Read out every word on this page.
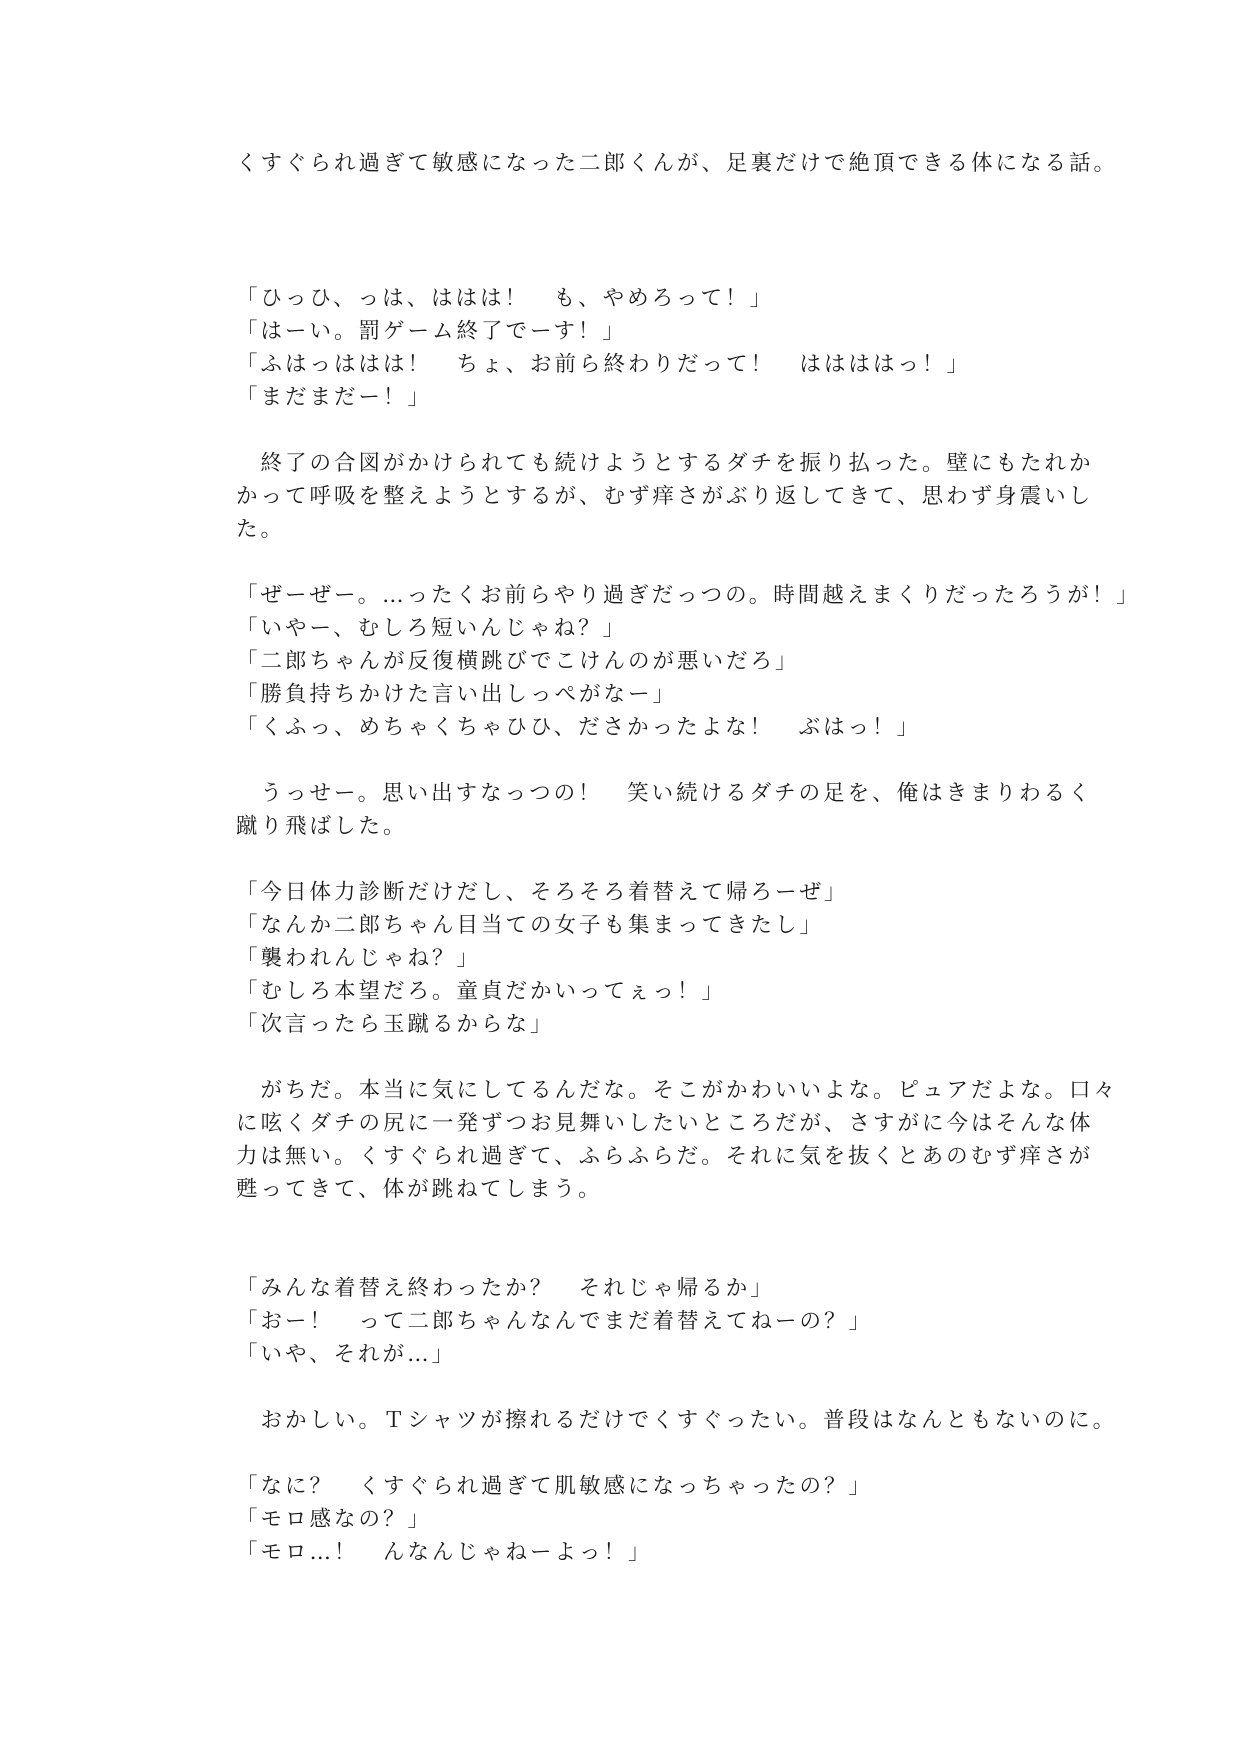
くすぐられ過ぎて敏感になった二郎くんが、足裏だけで絶頂できる体になる話。
「ひっひ、っは、ははは！　も、やめろって！」
「はーい。罰ゲーム終了でーす！」
「ふはっははは！　ちょ、お前ら終わりだって！　ははははっ！」
「まだまだー！」
　終了の合図がかけられても続けようとするダチを振り払った。壁にもたれか
かって呼吸を整えようとするが、むず痒さがぶり返してきて、思わず身震いし
た。
「ぜーぜー。…ったくお前らやり過ぎだっつの。時間越えまくりだったろうが！」
「いやー、むしろ短いんじゃね？」
「二郎ちゃんが反復横跳びでこけんのが悪いだろ」
「勝負持ちかけた言い出しっぺがなー」
「くふっ、めちゃくちゃひひ、ださかったよな！　ぶはっ！」
　うっせー。思い出すなっつの！　笑い続けるダチの足を、俺はきまりわるく
蹴り飛ばした。
「今日体力診断だけだし、そろそろ着替えて帰ろーぜ」
「なんか二郎ちゃん目当ての女子も集まってきたし」
「襲われんじゃね？」
「むしろ本望だろ。童貞だかいってぇっ！」
「次言ったら玉蹴るからな」
　がちだ。本当に気にしてるんだな。そこがかわいいよな。ピュアだよな。口々
に呟くダチの尻に一発ずつお見舞いしたいところだが、さすがに今はそんな体
力は無い。くすぐられ過ぎて、ふらふらだ。それに気を抜くとあのむず痒さが
甦ってきて、体が跳ねてしまう。
「みんな着替え終わったか？　それじゃ帰るか」
「おー！　って二郎ちゃんなんでまだ着替えてねーの？」
「いや、それが…」
　おかしい。Ｔシャツが擦れるだけでくすぐったい。普段はなんともないのに。
「なに？　くすぐられ過ぎて肌敏感になっちゃったの？」
「モロ感なの？」
「モロ…！　んなんじゃねーよっ！」
